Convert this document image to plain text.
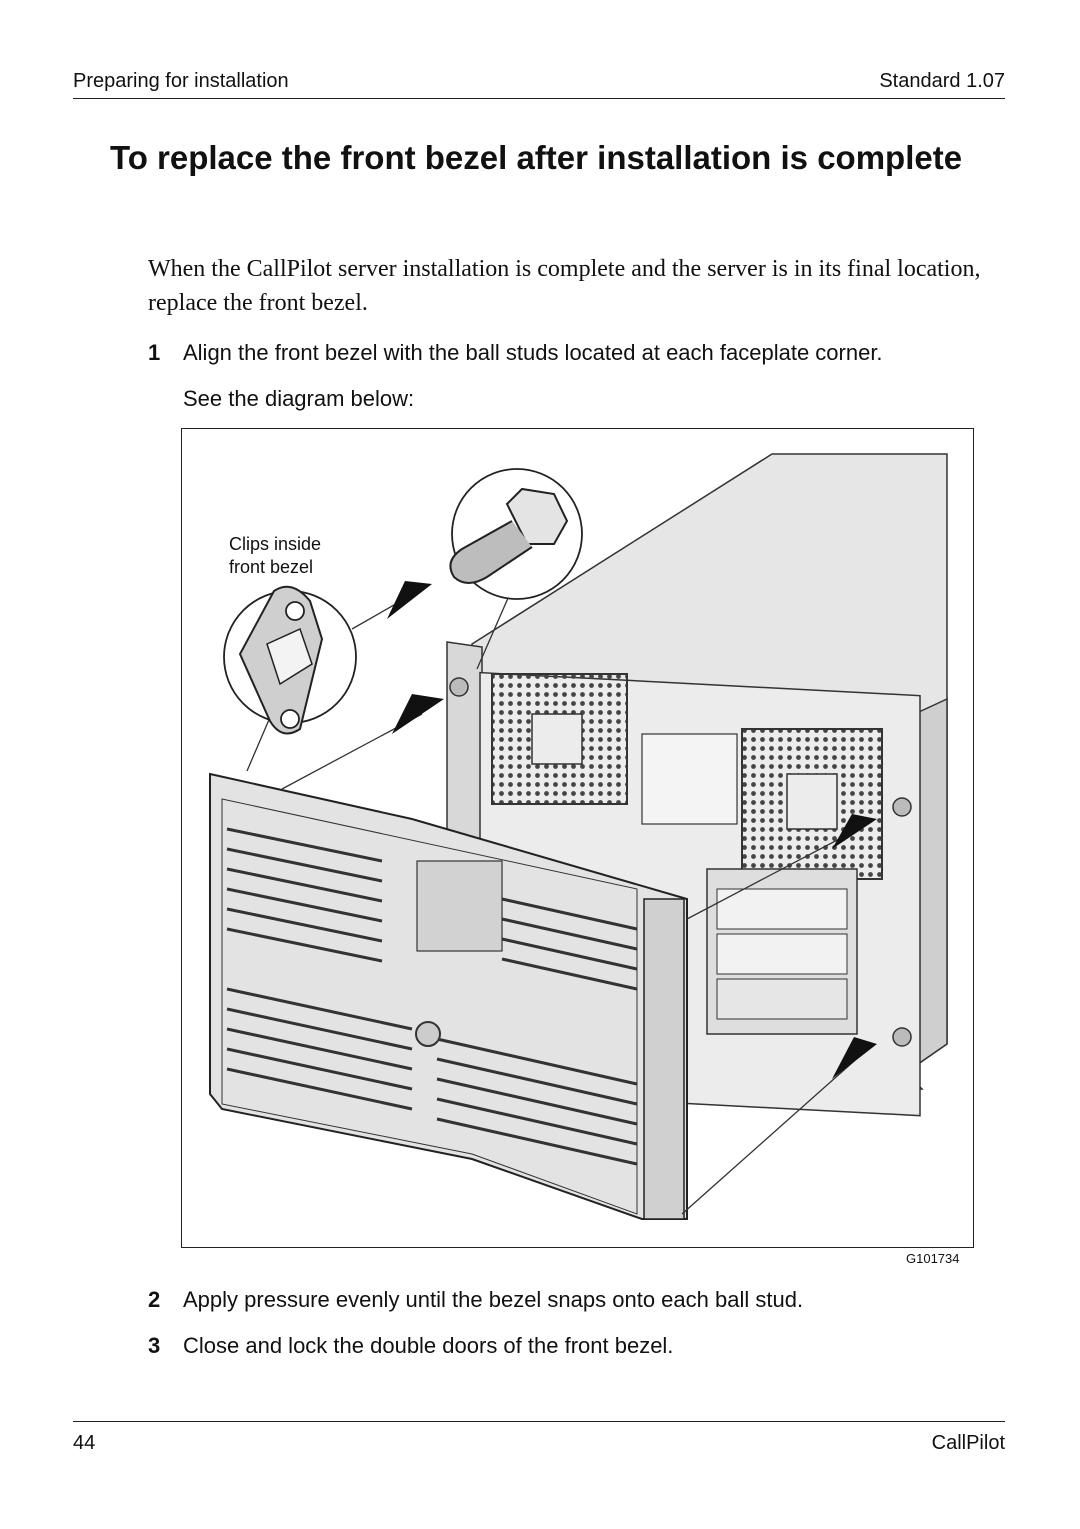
Preparing for installation	Standard 1.07
To replace the front bezel after installation is complete

When the CallPilot server installation is complete and the server is in its final location, replace the front bezel.

1 Align the front bezel with the ball studs located at each faceplate corner.
See the diagram below:
Clips inside
front bezel
G101734
2 Apply pressure evenly until the bezel snaps onto each ball stud.
3 Close and lock the double doors of the front bezel.
44	CallPilot
